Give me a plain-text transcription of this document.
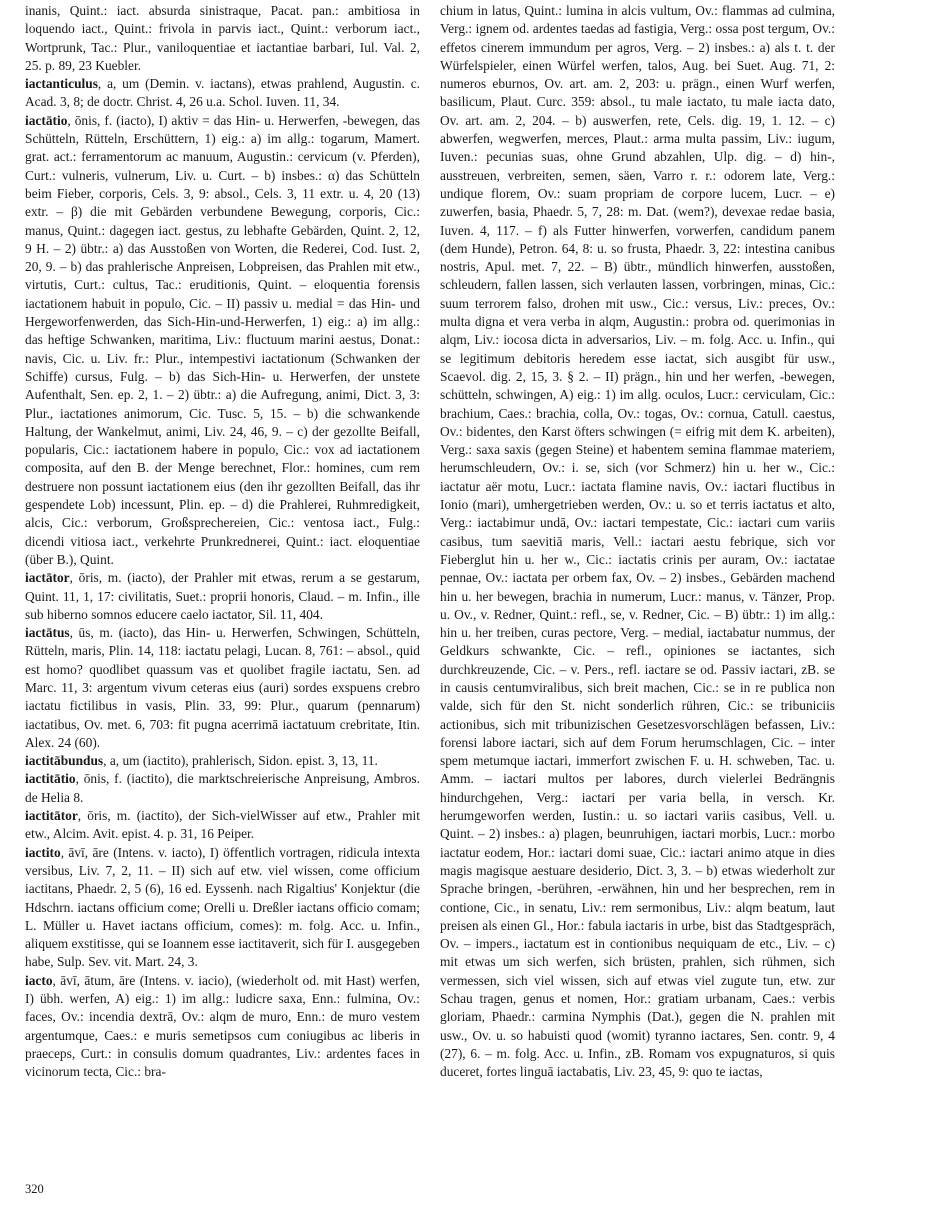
inanis, Quint.: iact. absurda sinistraque, Pacat. pan.: ambitiosa in loquendo iact., Quint.: frivola in parvis iact., Quint.: verborum iact., Wortprunk, Tac.: Plur., vaniloquentiae et iactantiae barbari, Iul. Val. 2, 25. p. 89, 23 Kuebler.

iactanticulus, a, um (Demin. v. iactans), etwas prahlend, Augustin. c. Acad. 3, 8; de doctr. Christ. 4, 26 u.a. Schol. Iuven. 11, 34.

iactātio, ōnis, f. (iacto), I) aktiv = das Hin- u. Herwerfen, -bewegen, das Schütteln, Rütteln, Erschüttern, 1) eig.: a) im allg.: togarum, Mamert. grat. act.: ferramentorum ac manuum, Augustin.: cervicum (v. Pferden), Curt.: vulneris, vulnerum, Liv. u. Curt. – b) insbes.: α) das Schütteln beim Fieber, corporis, Cels. 3, 9: absol., Cels. 3, 11 extr. u. 4, 20 (13) extr. – β) die mit Gebärden verbundene Bewegung, corporis, Cic.: manus, Quint.: dagegen iact. gestus, zu lebhafte Gebärden, Quint. 2, 12, 9 H. – 2) übtr.: a) das Ausstoßen von Worten, die Rederei, Cod. Iust. 2, 20, 9. – b) das prahlerische Anpreisen, Lobpreisen, das Prahlen mit etw., virtutis, Curt.: cultus, Tac.: eruditionis, Quint. – eloquentia forensis iactationem habuit in populo, Cic. – II) passiv u. medial = das Hin- und Hergeworfenwerden, das Sich-Hin-und-Herwerfen, 1) eig.: a) im allg.: das heftige Schwanken, maritima, Liv.: fluctuum marini aestus, Donat.: navis, Cic. u. Liv. fr.: Plur., intempestivi iactationum (Schwanken der Schiffe) cursus, Fulg. – b) das Sich-Hin- u. Herwerfen, der unstete Aufenthalt, Sen. ep. 2, 1. – 2) übtr.: a) die Aufregung, animi, Dict. 3, 3: Plur., iactationes animorum, Cic. Tusc. 5, 15. – b) die schwankende Haltung, der Wankelmut, animi, Liv. 24, 46, 9. – c) der gezollte Beifall, popularis, Cic.: iactationem habere in populo, Cic.: vox ad iactationem composita, auf den B. der Menge berechnet, Flor.: homines, cum rem destruere non possunt iactationem eius (den ihr gezollten Beifall, das ihr gespendete Lob) incessunt, Plin. ep. – d) die Prahlerei, Ruhmredigkeit, alcis, Cic.: verborum, Großsprechereien, Cic.: ventosa iact., Fulg.: dicendi vitiosa iact., verkehrte Prunkrednerei, Quint.: iact. eloquentiae (über B.), Quint.

iactātor, ōris, m. (iacto), der Prahler mit etwas, rerum a se gestarum, Quint. 11, 1, 17: civilitatis, Suet.: proprii honoris, Claud. – m. Infin., ille sub hiberno somnos educere caelo iactator, Sil. 11, 404.

iactātus, ūs, m. (iacto), das Hin- u. Herwerfen, Schwingen, Schütteln, Rütteln, maris, Plin. 14, 118: iactatu pelagi, Lucan. 8, 761: – absol., quid est homo? quodlibet quassum vas et quolibet fragile iactatu, Sen. ad Marc. 11, 3: argentum vivum ceteras eius (auri) sordes exspuens crebro iactatu fictilibus in vasis, Plin. 33, 99: Plur., quarum (pennarum) iactatibus, Ov. met. 6, 703: fit pugna acerrimā iactatuum crebritate, Itin. Alex. 24 (60).

iactitābundus, a, um (iactito), prahlerisch, Sidon. epist. 3, 13, 11.

iactitātio, ōnis, f. (iactito), die marktschreierische Anpreisung, Ambros. de Helia 8.

iactitātor, ōris, m. (iactito), der Sich-vielWisser auf etw., Prahler mit etw., Alcim. Avit. epist. 4. p. 31, 16 Peiper.

iactito, āvī, āre (Intens. v. iacto), I) öffentlich vortragen, ridicula intexta versibus, Liv. 7, 2, 11. – II) sich auf etw. viel wissen, come officium iactitans, Phaedr. 2, 5 (6), 16 ed. Eyssenh. nach Rigaltius' Konjektur (die Hdschrn. iactans officium come; Orelli u. Dreßler iactans officio comam; L. Müller u. Havet iactans officium, comes): m. folg. Acc. u. Infin., aliquem exstitisse, qui se Ioannem esse iactitaverit, sich für I. ausgegeben habe, Sulp. Sev. vit. Mart. 24, 3.

iacto, āvī, ātum, āre (Intens. v. iacio), (wiederholt od. mit Hast) werfen, I) übh. werfen, A) eig.: 1) im allg.: ludicre saxa, Enn.: fulmina, Ov.: faces, Ov.: incendia dextrā, Ov.: alqm de muro, Enn.: de muro vestem argentumque, Caes.: e muris semetipsos cum coniugibus ac liberis in praeceps, Curt.: in consulis domum quadrantes, Liv.: ardentes faces in vicinorum tecta, Cic.: bra-

chium in latus, Quint.: lumina in alcis vultum, Ov.: flammas ad culmina, Verg.: ignem od. ardentes taedas ad fastigia, Verg.: ossa post tergum, Ov.: effetos cinerem immundum per agros, Verg. – 2) insbes.: a) als t. t. der Würfelspieler, einen Würfel werfen, talos, Aug. bei Suet. Aug. 71, 2: numeros eburnos, Ov. art. am. 2, 203: u. prägn., einen Wurf werfen, basilicum, Plaut. Curc. 359: absol., tu male iactato, tu male iacta dato, Ov. art. am. 2, 204. – b) auswerfen, rete, Cels. dig. 19, 1. 12. – c) abwerfen, wegwerfen, merces, Plaut.: arma multa passim, Liv.: iugum, Iuven.: pecunias suas, ohne Grund abzahlen, Ulp. dig. – d) hin-, ausstreuen, verbreiten, semen, säen, Varro r. r.: odorem late, Verg.: undique florem, Ov.: suam propriam de corpore lucem, Lucr. – e) zuwerfen, basia, Phaedr. 5, 7, 28: m. Dat. (wem?), devexae redae basia, Iuven. 4, 117. – f) als Futter hinwerfen, vorwerfen, candidum panem (dem Hunde), Petron. 64, 8: u. so frusta, Phaedr. 3, 22: intestina canibus nostris, Apul. met. 7, 22. – B) übtr., mündlich hinwerfen, ausstoßen, schleudern, fallen lassen, sich verlauten lassen, vorbringen, minas, Cic.: suum terrorem falso, drohen mit usw., Cic.: versus, Liv.: preces, Ov.: multa digna et vera verba in alqm, Augustin.: probra od. querimonias in alqm, Liv.: iocosa dicta in adversarios, Liv. – m. folg. Acc. u. Infin., qui se legitimum debitoris heredem esse iactat, sich ausgibt für usw., Scaevol. dig. 2, 15, 3. § 2. – II) prägn., hin und her werfen, -bewegen, schütteln, schwingen, A) eig.: 1) im allg. oculos, Lucr.: cerviculam, Cic.: brachium, Caes.: brachia, colla, Ov.: togas, Ov.: cornua, Catull. caestus, Ov.: bidentes, den Karst öfters schwingen (= eifrig mit dem K. arbeiten), Verg.: saxa saxis (gegen Steine) et habentem semina flammae materiem, herumschleudern, Ov.: i. se, sich (vor Schmerz) hin u. her w., Cic.: iactatur aër motu, Lucr.: iactata flamine navis, Ov.: iactari fluctibus in Ionio (mari), umhergetrieben werden, Ov.: u. so et terris iactatus et alto, Verg.: iactabimur undā, Ov.: iactari tempestate, Cic.: iactari cum variis casibus, tum saevitiā maris, Vell.: iactari aestu febrique, sich vor Fieberglut hin u. her w., Cic.: iactatis crinis per auram, Ov.: iactatae pennae, Ov.: iactata per orbem fax, Ov. – 2) insbes., Gebärden machend hin u. her bewegen, brachia in numerum, Lucr.: manus, v. Tänzer, Prop. u. Ov., v. Redner, Quint.: refl., se, v. Redner, Cic. – B) übtr.: 1) im allg.: hin u. her treiben, curas pectore, Verg. – medial, iactabatur nummus, der Geldkurs schwankte, Cic. – refl., opiniones se iactantes, sich durchkreuzende, Cic. – v. Pers., refl. iactare se od. Passiv iactari, zB. se in causis centumviralibus, sich breit machen, Cic.: se in re publica non valde, sich für den St. nicht sonderlich rühren, Cic.: se tribuniciis actionibus, sich mit tribunizischen Gesetzesvorschlägen befassen, Liv.: forensi labore iactari, sich auf dem Forum herumschlagen, Cic. – inter spem metumque iactari, immerfort zwischen F. u. H. schweben, Tac. u. Amm. – iactari multos per labores, durch vielerlei Bedrängnis hindurchgehen, Verg.: iactari per varia bella, in versch. Kr. herumgeworfen werden, Iustin.: u. so iactari variis casibus, Vell. u. Quint. – 2) insbes.: a) plagen, beunruhigen, iactari morbis, Lucr.: morbo iactatur eodem, Hor.: iactari domi suae, Cic.: iactari animo atque in dies magis magisque aestuare desiderio, Dict. 3, 3. – b) etwas wiederholt zur Sprache bringen, -berühren, -erwähnen, hin und her besprechen, rem in contione, Cic., in senatu, Liv.: rem sermonibus, Liv.: alqm beatum, laut preisen als einen Gl., Hor.: fabula iactaris in urbe, bist das Stadtgespräch, Ov. – impers., iactatum est in contionibus nequiquam de etc., Liv. – c) mit etwas um sich werfen, sich brüsten, prahlen, sich rühmen, sich vermessen, sich viel wissen, sich auf etwas viel zugute tun, etw. zur Schau tragen, genus et nomen, Hor.: gratiam urbanam, Caes.: verbis gloriam, Phaedr.: carmina Nymphis (Dat.), gegen die N. prahlen mit usw., Ov. u. so habuisti quod (womit) tyranno iactares, Sen. contr. 9, 4 (27), 6. – m. folg. Acc. u. Infin., zB. Romam vos expugnaturos, si quis duceret, fortes linguā iactabatis, Liv. 23, 45, 9: quo te iactas,

320
